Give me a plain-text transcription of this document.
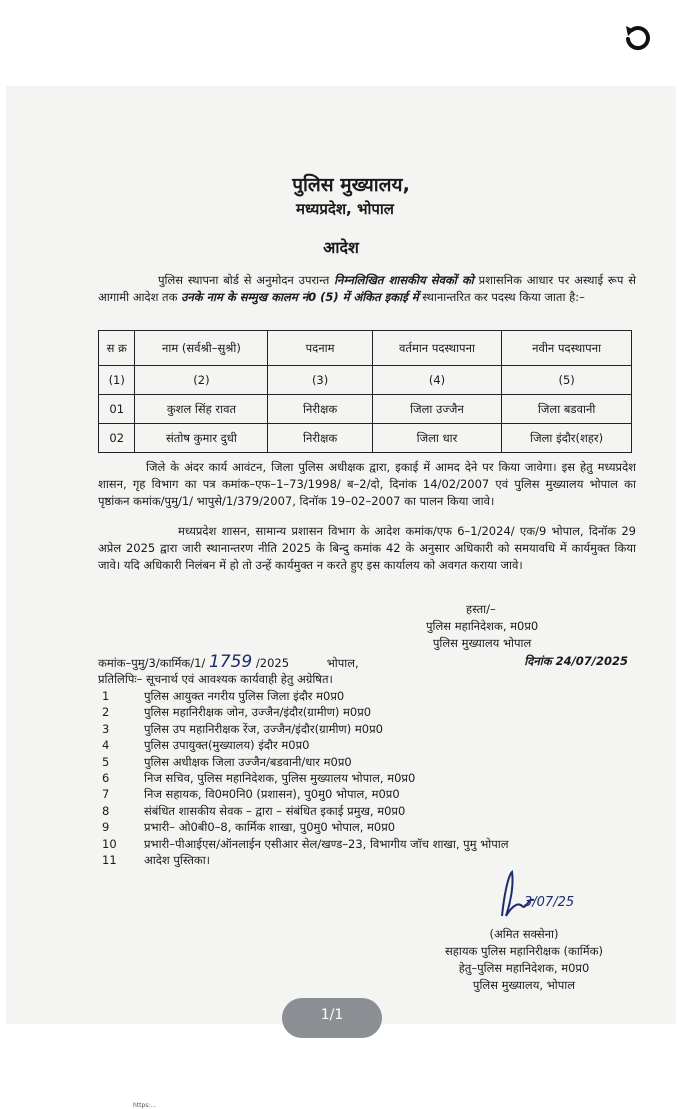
पुलिस मुख्यालय,
मध्यप्रदेश, भोपाल
आदेश
पुलिस स्थापना बोर्ड से अनुमोदन उपरान्त निम्नलिखित शासकीय सेवकों को प्रशासनिक आधार पर अस्थाई रूप से आगामी आदेश तक उनके नाम के सम्मुख कालम नं0 (5) में अंकित इकाई में स्थानान्तरित कर पदस्थ किया जाता है:–
स क्र	नाम (सर्वश्री–सुश्री)	पदनाम	वर्तमान पदस्थापना	नवीन पदस्थापना
(1)	(2)	(3)	(4)	(5)
01	कुशल सिंह रावत	निरीक्षक	जिला उज्जैन	जिला बडवानी
02	संतोष कुमार दुधी	निरीक्षक	जिला धार	जिला इंदौर(शहर)
जिले के अंदर कार्य आवंटन, जिला पुलिस अधीक्षक द्वारा, इकाई में आमद देने पर किया जावेगा। इस हेतु मध्यप्रदेश शासन, गृह विभाग का पत्र कमांक–एफ–1–73/1998/ ब–2/दो, दिनांक 14/02/2007 एवं पुलिस मुख्यालय भोपाल का पृष्ठांकन कमांक/पुमु/1/ भापुसे/1/379/2007, दिनॉक 19–02–2007 का पालन किया जावे।
मध्यप्रदेश शासन, सामान्य प्रशासन विभाग के आदेश कमांक/एफ 6–1/2024/ एक/9 भोपाल, दिनॉक 29 अप्रेल 2025 द्वारा जारी स्थानान्तरण नीति 2025 के बिन्दु कमांक 42 के अनुसार अधिकारी को समयावधि में कार्यमुक्त किया जावे। यदि अधिकारी निलंबन में हो तो उन्हें कार्यमुक्त न करते हुए इस कार्यालय को अवगत कराया जावे।
हस्ता/–
पुलिस महानिदेशक, म0प्र0
पुलिस मुख्यालय भोपाल
कमांक–पुमु/3/कार्मिक/1/ 1759 /2025	भोपाल,	दिनांक 24/07/2025
प्रतिलिपिः– सूचनार्थ एवं आवश्यक कार्यवाही हेतु अग्रेषित।
1	पुलिस आयुक्त नगरीय पुलिस जिला इंदौर म0प्र0
2	पुलिस महानिरीक्षक जोन, उज्जैन/इंदौर(ग्रामीण) म0प्र0
3	पुलिस उप महानिरीक्षक रेंज, उज्जैन/इंदौर(ग्रामीण) म0प्र0
4	पुलिस उपायुक्त(मुख्यालय) इंदौर म0प्र0
5	पुलिस अधीक्षक जिला उज्जैन/बडवानी/धार म0प्र0
6	निज सचिव, पुलिस महानिदेशक, पुलिस मुख्यालय भोपाल, म0प्र0
7	निज सहायक, वि0म0नि0 (प्रशासन), पु0मु0 भोपाल, म0प्र0
8	संबंधित शासकीय सेवक – द्वारा – संबंधित इकाई प्रमुख, म0प्र0
9	प्रभारी– ओ0बी0–8, कार्मिक शाखा, पु0मु0 भोपाल, म0प्र0
10 प्रभारी–पीआईएस/ऑनलाईन एसीआर सेल/खण्ड–23, विभागीय जॉच शाखा, पुमु भोपाल
11 आदेश पुस्तिका।
3/07/25
(अमित सक्सेना)
सहायक पुलिस महानिरीक्षक (कार्मिक)
हेतु–पुलिस महानिदेशक, म0प्र0
पुलिस मुख्यालय, भोपाल
https:...
1/1
